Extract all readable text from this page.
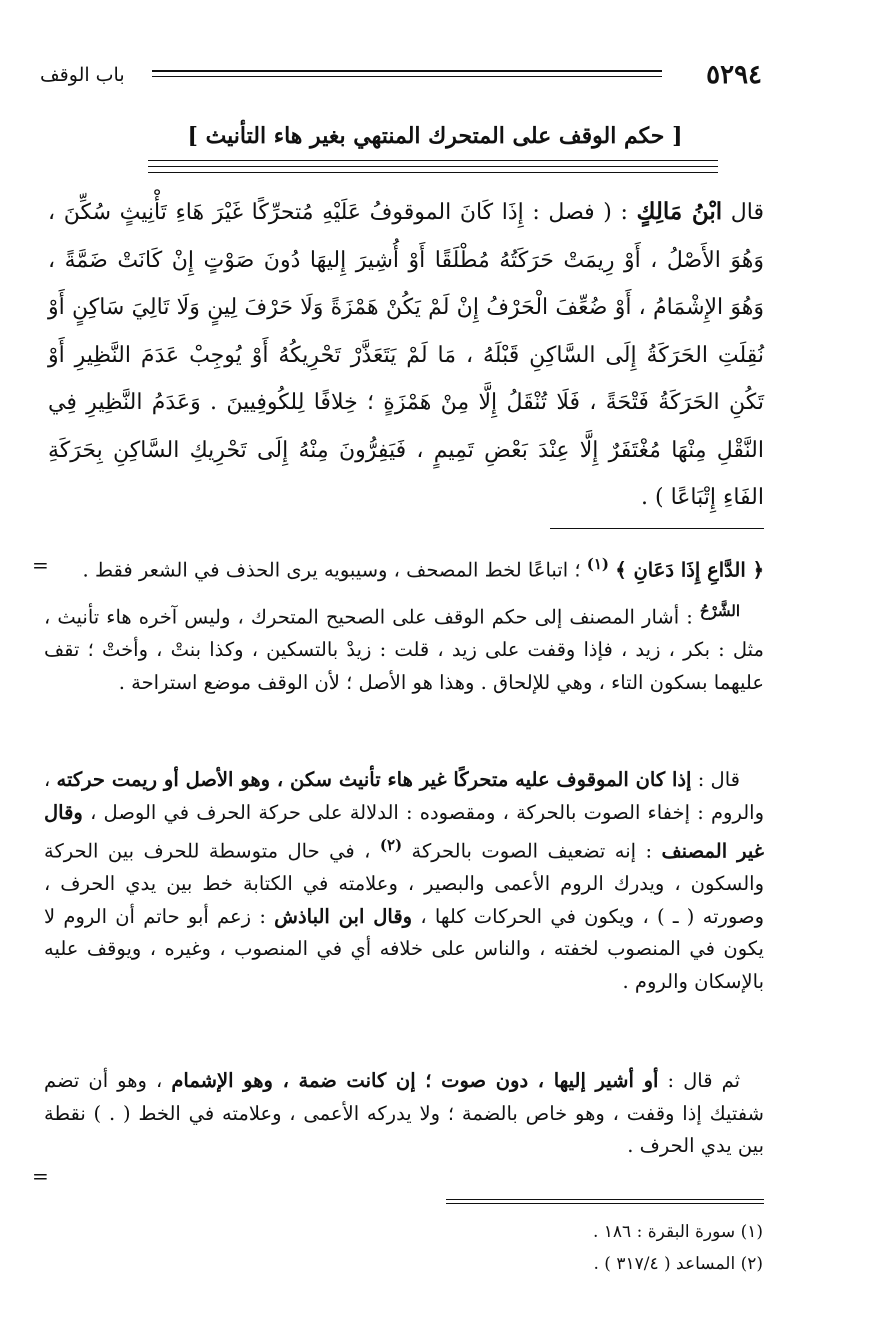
٥٢٩٤
باب الوقف
[ حكم الوقف على المتحرك المنتهي بغير هاء التأنيث ]
قال ابْنُ مَالِكٍ : ( فصل : إِذَا كَانَ الموقوفُ عَلَيْهِ مُتحرِّكًا غَيْرَ هَاءِ تَأْنِيثٍ سُكِّنَ ، وَهُوَ الأَصْلُ ، أَوْ رِيمَتْ حَرَكَتُهُ مُطْلَقًا أَوْ أُشِيرَ إِليهَا دُونَ صَوْتٍ إِنْ كَانَتْ ضَمَّةً ، وَهُوَ الإِشْمَامُ ، أَوْ ضُعِّفَ الْحَرْفُ إِنْ لَمْ يَكُنْ هَمْزَةً وَلَا حَرْفَ لِينٍ وَلَا تَالِيَ سَاكِنٍ أَوْ نُقِلَتِ الحَرَكَةُ إِلَى السَّاكِنِ قَبْلَهُ ، مَا لَمْ يَتَعَذَّرْ تَحْرِيكُهُ أَوْ يُوجِبْ عَدَمَ النَّظِيرِ أَوْ تَكُنِ الحَرَكَةُ فَتْحَةً ، فَلَا تُنْقَلُ إِلَّا مِنْ هَمْزَةٍ ؛ خِلافًا لِلكُوفِيينَ . وَعَدَمُ النَّظِيرِ فِي النَّقْلِ مِنْهَا مُغْتَفَرٌ إِلَّا عِنْدَ بَعْضِ تَمِيمٍ ، فَيَفِرُّونَ مِنْهُ إِلَى تَحْرِيكِ السَّاكِنِ بِحَرَكَةِ الفَاءِ إِتْبَاعًا ) .
=	﴿ الدَّاعِ إِذَا دَعَانِ ﴾ $^{(١)}$ ؛ اتباعًا لخط المصحف ، وسيبويه يرى الحذف في الشعر فقط .
$^{الشَّرْحُ}$ : أشار المصنف إلى حكم الوقف على الصحيح المتحرك ، وليس آخره هاء تأنيث ، مثل : بكر ، زيد ، فإذا وقفت على زيد ، قلت : زيدْ بالتسكين ، وكذا بنتْ ، وأختْ ؛ تقف عليهما بسكون التاء ، وهي للإلحاق . وهذا هو الأصل ؛ لأن الوقف موضع استراحة .
قال : إذا كان الموقوف عليه متحركًا غير هاء تأنيث سكن ، وهو الأصل أو ريمت حركته ، والروم : إخفاء الصوت بالحركة ، ومقصوده : الدلالة على حركة الحرف في الوصل ، وقال غير المصنف : إنه تضعيف الصوت بالحركة $^{(٢)}$ ، في حال متوسطة للحرف بين الحركة والسكون ، ويدرك الروم الأعمى والبصير ، وعلامته في الكتابة خط بين يدي الحرف ، وصورته ( ـ ) ، ويكون في الحركات كلها ، وقال ابن الباذش : زعم أبو حاتم أن الروم لا يكون في المنصوب لخفته ، والناس على خلافه أي في المنصوب ، وغيره ، ويوقف عليه بالإسكان والروم .
ثم قال : أو أشير إليها ، دون صوت ؛ إن كانت ضمة ، وهو الإشمام ، وهو أن تضم شفتيك إذا وقفت ، وهو خاص بالضمة ؛ ولا يدركه الأعمى ، وعلامته في الخط ( . ) نقطة بين يدي الحرف .
=
(١) سورة البقرة : ١٨٦ .
(٢) المساعد ( ٣١٧/٤ ) .
